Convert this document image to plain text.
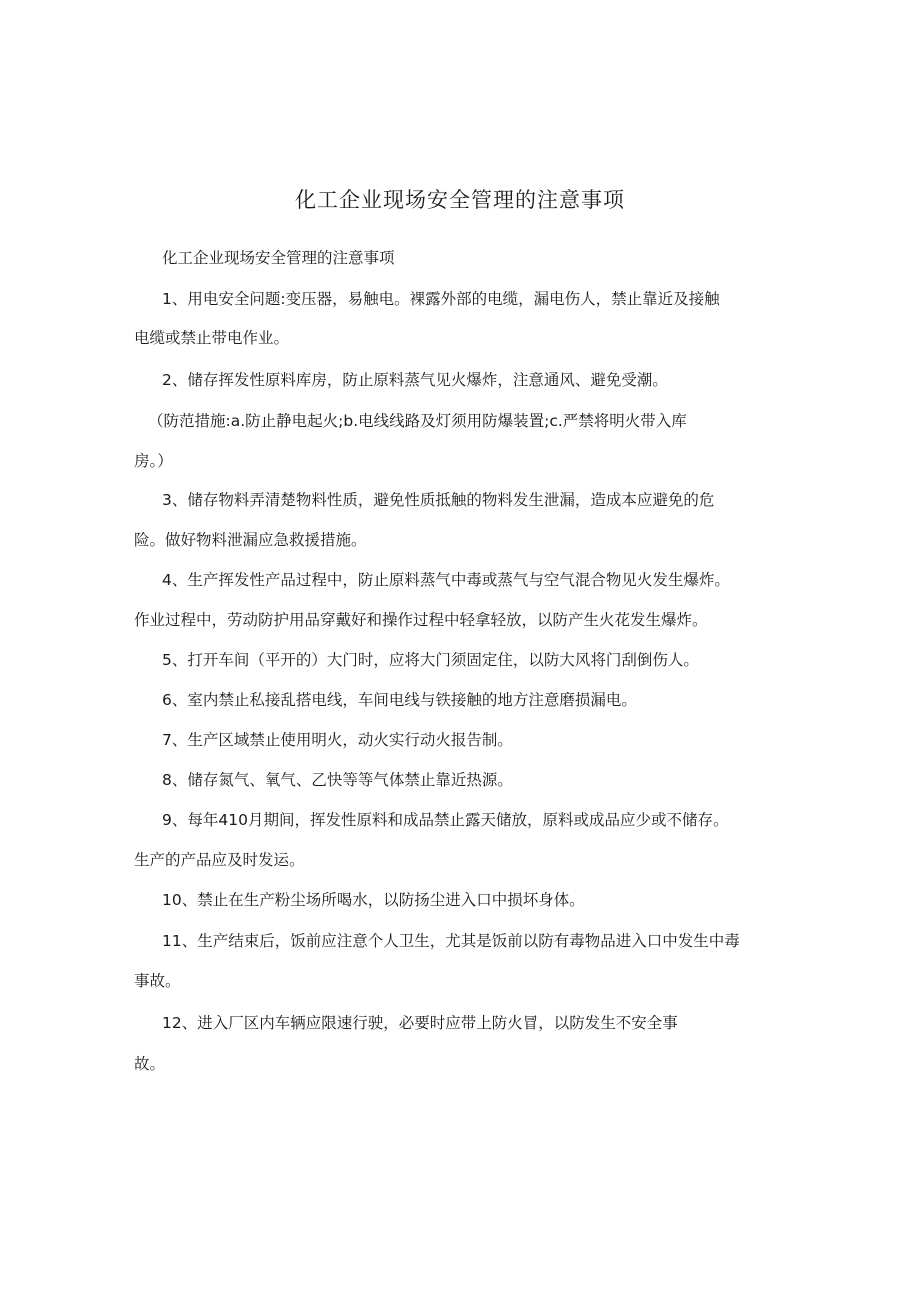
化工企业现场安全管理的注意事项
化工企业现场安全管理的注意事项
1、用电安全问题:变压器，易触电。裸露外部的电缆，漏电伤人，禁止靠近及接触
电缆或禁止带电作业。
2、储存挥发性原料库房，防止原料蒸气见火爆炸，注意通风、避免受潮。
（防范措施:a.防止静电起火;b.电线线路及灯须用防爆装置;c.严禁将明火带入库
房。）
3、储存物料弄清楚物料性质，避免性质抵触的物料发生泄漏，造成本应避免的危
险。做好物料泄漏应急救援措施。
4、生产挥发性产品过程中，防止原料蒸气中毒或蒸气与空气混合物见火发生爆炸。
作业过程中，劳动防护用品穿戴好和操作过程中轻拿轻放，以防产生火花发生爆炸。
5、打开车间（平开的）大门时，应将大门须固定住，以防大风将门刮倒伤人。
6、室内禁止私接乱搭电线，车间电线与铁接触的地方注意磨损漏电。
7、生产区域禁止使用明火，动火实行动火报告制。
8、储存氮气、氧气、乙快等等气体禁止靠近热源。
9、每年410月期间，挥发性原料和成品禁止露天储放，原料或成品应少或不储存。
生产的产品应及时发运。
10、禁止在生产粉尘场所喝水，以防扬尘进入口中损坏身体。
11、生产结束后，饭前应注意个人卫生，尤其是饭前以防有毒物品进入口中发生中毒
事故。
12、进入厂区内车辆应限速行驶，必要时应带上防火冒，以防发生不安全事
故。
